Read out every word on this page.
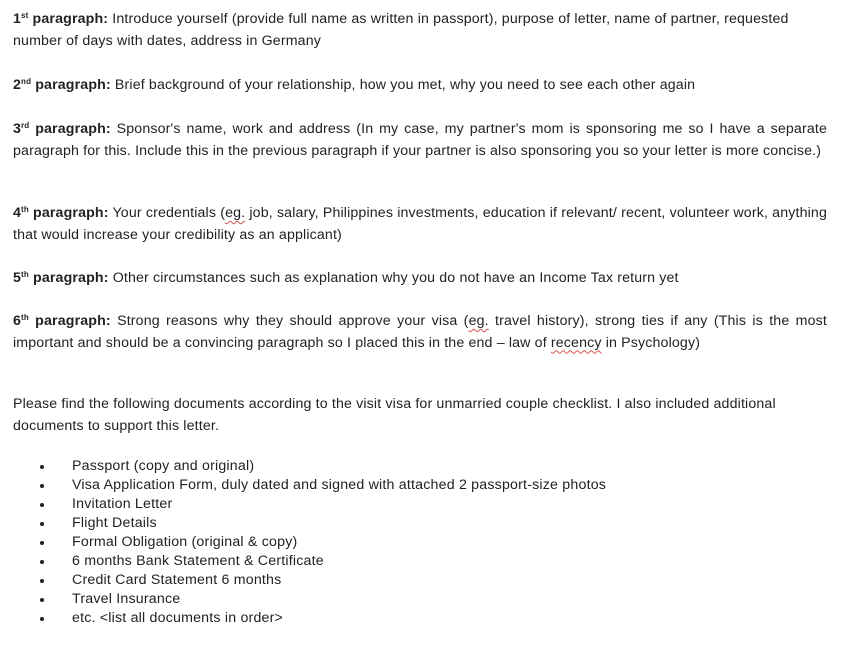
1st paragraph: Introduce yourself (provide full name as written in passport), purpose of letter, name of partner, requested number of days with dates, address in Germany

2nd paragraph: Brief background of your relationship, how you met, why you need to see each other again

3rd paragraph: Sponsor's name, work and address (In my case, my partner's mom is sponsoring me so I have a separate paragraph for this. Include this in the previous paragraph if your partner is also sponsoring you so your letter is more concise.)

4th paragraph: Your credentials (eg. job, salary, Philippines investments, education if relevant/ recent, volunteer work, anything that would increase your credibility as an applicant)

5th paragraph: Other circumstances such as explanation why you do not have an Income Tax return yet

6th paragraph: Strong reasons why they should approve your visa (eg. travel history), strong ties if any (This is the most important and should be a convincing paragraph so I placed this in the end – law of recency in Psychology)

Please find the following documents according to the visit visa for unmarried couple checklist. I also included additional documents to support this letter.

Passport (copy and original)
Visa Application Form, duly dated and signed with attached 2 passport-size photos
Invitation Letter
Flight Details
Formal Obligation (original & copy)
6 months Bank Statement & Certificate
Credit Card Statement 6 months
Travel Insurance
etc. <list all documents in order>
